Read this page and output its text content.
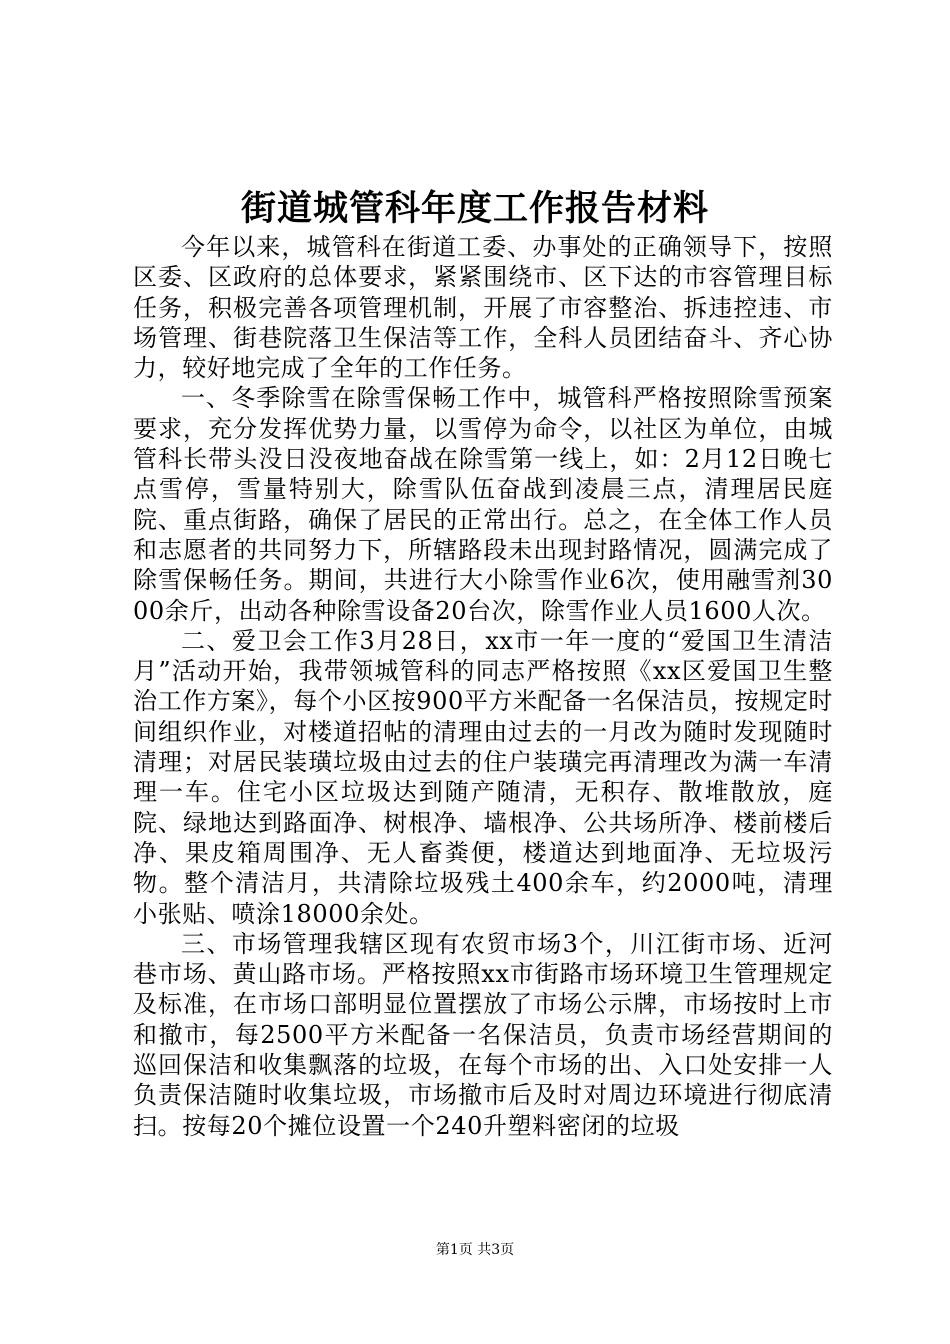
街道城管科年度工作报告材料

今年以来，城管科在街道工委、办事处的正确领导下，按照区委、区政府的总体要求，紧紧围绕市、区下达的市容管理目标任务，积极完善各项管理机制，开展了市容整治、拆违控违、市场管理、街巷院落卫生保洁等工作，全科人员团结奋斗、齐心协力，较好地完成了全年的工作任务。

一、冬季除雪在除雪保畅工作中，城管科严格按照除雪预案要求，充分发挥优势力量，以雪停为命令，以社区为单位，由城管科长带头没日没夜地奋战在除雪第一线上，如：2月12日晚七点雪停，雪量特别大，除雪队伍奋战到凌晨三点，清理居民庭院、重点街路，确保了居民的正常出行。总之，在全体工作人员和志愿者的共同努力下，所辖路段未出现封路情况，圆满完成了除雪保畅任务。期间，共进行大小除雪作业6次，使用融雪剂3000余斤，出动各种除雪设备20台次，除雪作业人员1600人次。

二、爱卫会工作3月28日，xx市一年一度的“爱国卫生清洁月”活动开始，我带领城管科的同志严格按照《xx区爱国卫生整治工作方案》，每个小区按900平方米配备一名保洁员，按规定时间组织作业，对楼道招帖的清理由过去的一月改为随时发现随时清理；对居民装璜垃圾由过去的住户装璜完再清理改为满一车清理一车。住宅小区垃圾达到随产随清，无积存、散堆散放，庭院、绿地达到路面净、树根净、墙根净、公共场所净、楼前楼后净、果皮箱周围净、无人畜粪便，楼道达到地面净、无垃圾污物。整个清洁月，共清除垃圾残土400余车，约2000吨，清理小张贴、喷涂18000余处。

三、市场管理我辖区现有农贸市场3个，川江街市场、近河巷市场、黄山路市场。严格按照xx市街路市场环境卫生管理规定及标准，在市场口部明显位置摆放了市场公示牌，市场按时上市和撤市，每2500平方米配备一名保洁员，负责市场经营期间的巡回保洁和收集飘落的垃圾，在每个市场的出、入口处安排一人负责保洁随时收集垃圾，市场撤市后及时对周边环境进行彻底清扫。按每20个摊位设置一个240升塑料密闭的垃圾

第1页 共3页
